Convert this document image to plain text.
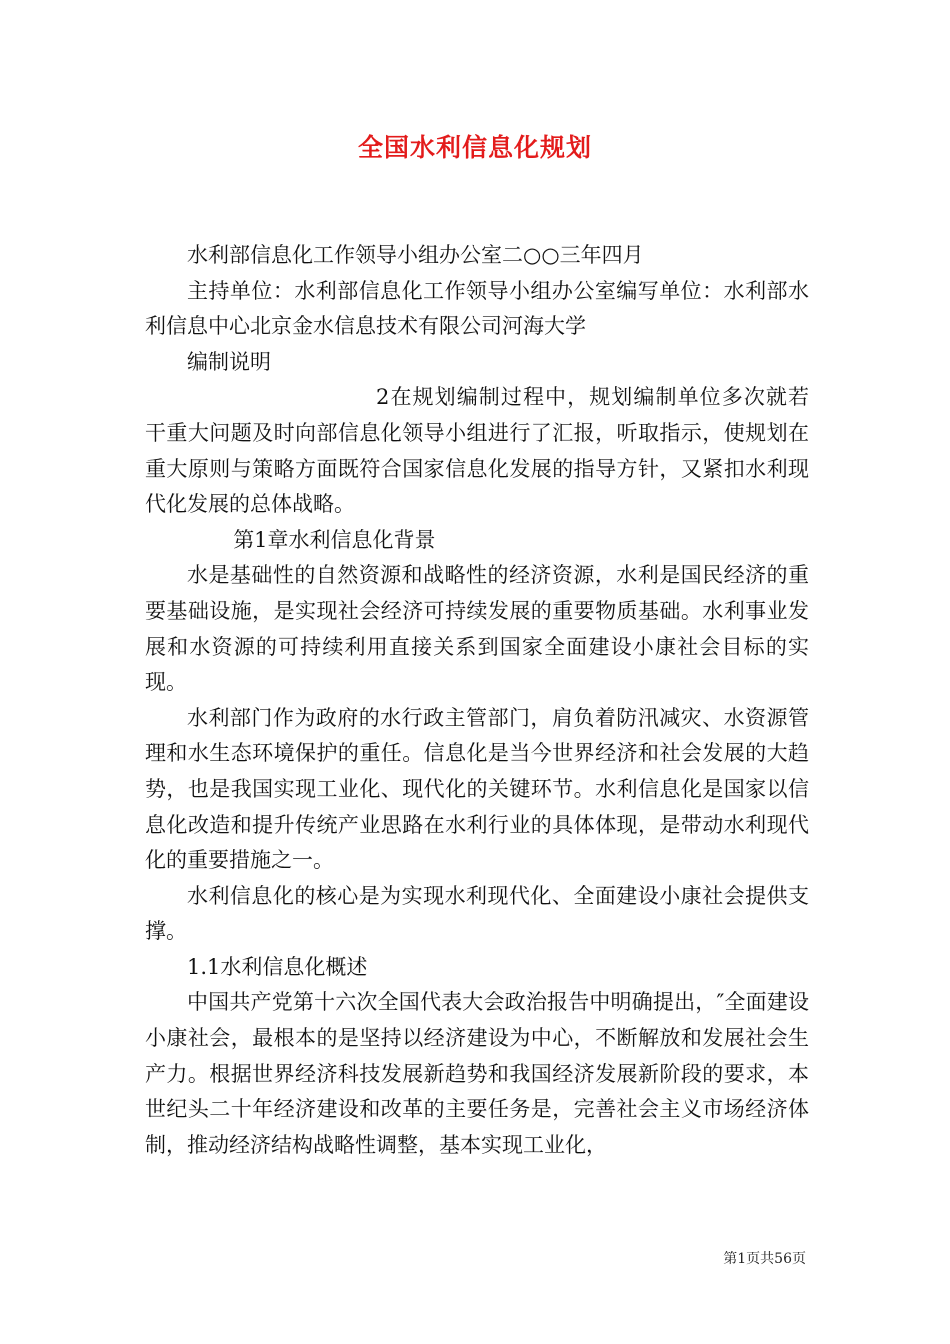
全国水利信息化规划

水利部信息化工作领导小组办公室二○○三年四月

主持单位：水利部信息化工作领导小组办公室编写单位：水利部水利信息中心北京金水信息技术有限公司河海大学

编制说明

2在规划编制过程中，规划编制单位多次就若干重大问题及时向部信息化领导小组进行了汇报，听取指示，使规划在重大原则与策略方面既符合国家信息化发展的指导方针，又紧扣水利现代化发展的总体战略。

第1章水利信息化背景

水是基础性的自然资源和战略性的经济资源，水利是国民经济的重要基础设施，是实现社会经济可持续发展的重要物质基础。水利事业发展和水资源的可持续利用直接关系到国家全面建设小康社会目标的实现。

水利部门作为政府的水行政主管部门，肩负着防汛减灾、水资源管理和水生态环境保护的重任。信息化是当今世界经济和社会发展的大趋势，也是我国实现工业化、现代化的关键环节。水利信息化是国家以信息化改造和提升传统产业思路在水利行业的具体体现，是带动水利现代化的重要措施之一。

水利信息化的核心是为实现水利现代化、全面建设小康社会提供支撑。

1.1水利信息化概述

中国共产党第十六次全国代表大会政治报告中明确提出，″全面建设小康社会，最根本的是坚持以经济建设为中心，不断解放和发展社会生产力。根据世界经济科技发展新趋势和我国经济发展新阶段的要求，本世纪头二十年经济建设和改革的主要任务是，完善社会主义市场经济体制，推动经济结构战略性调整，基本实现工业化，

第1页共56页
